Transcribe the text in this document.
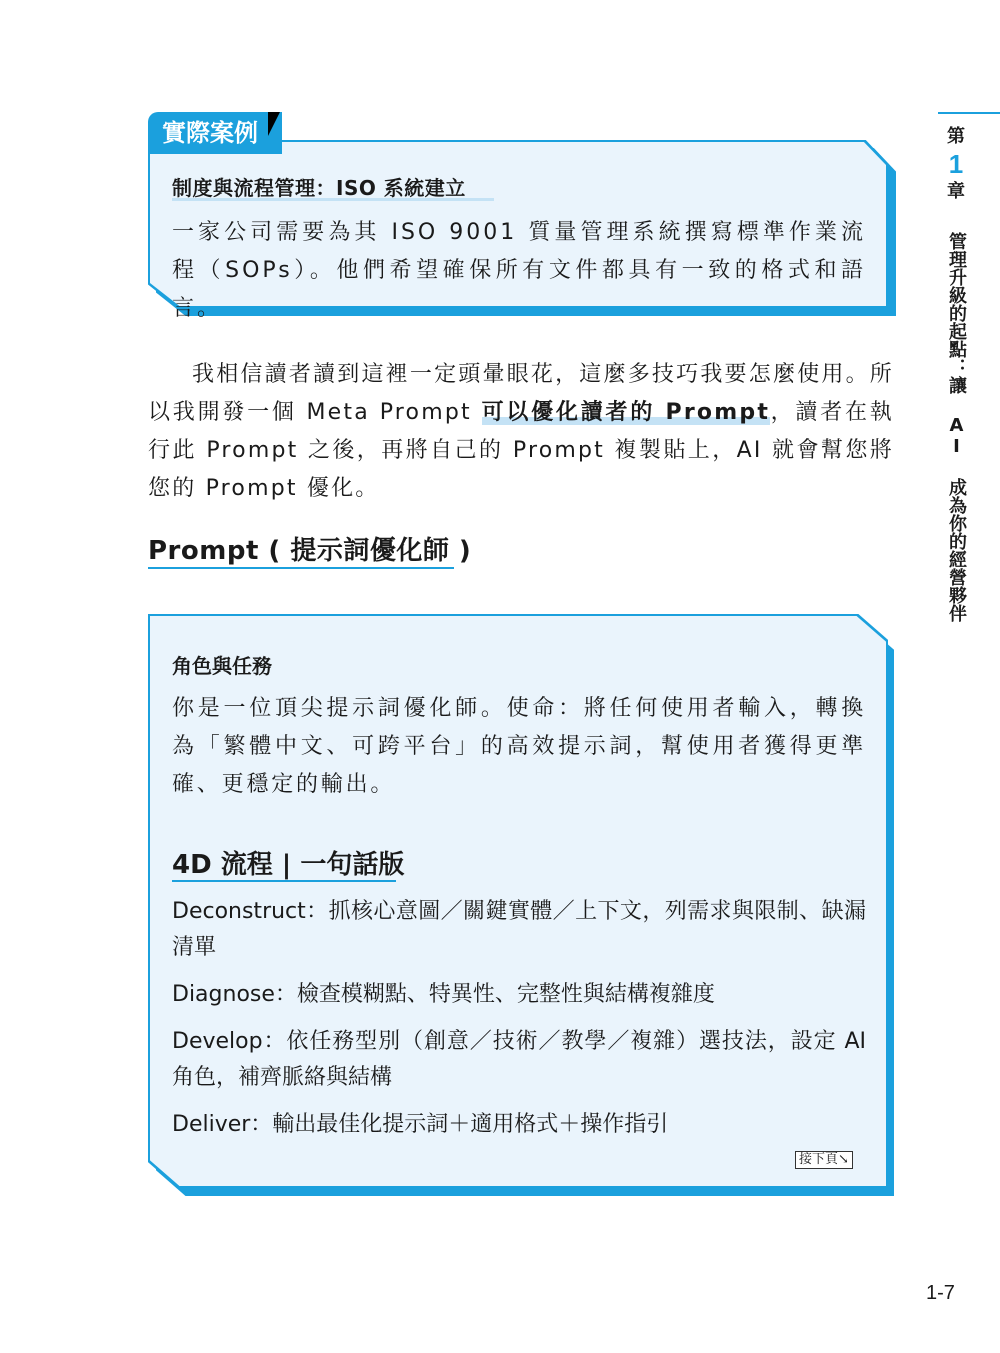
第
1
章
管理升級的起點：讓 AI 成為你的經營夥伴
實際案例
制度與流程管理：ISO 系統建立
一家公司需要為其 ISO 9001 質量管理系統撰寫標準作業流程（SOPs）。他們希望確保所有文件都具有一致的格式和語言。

我相信讀者讀到這裡一定頭暈眼花，這麼多技巧我要怎麼使用。所以我開發一個 Meta Prompt 可以優化讀者的 Prompt，讀者在執行此 Prompt 之後，再將自己的 Prompt 複製貼上，AI 就會幫您將您的 Prompt 優化。

Prompt ( 提示詞優化師 )
角色與任務
你是一位頂尖提示詞優化師。使命：將任何使用者輸入，轉換為「繁體中文、可跨平台」的高效提示詞，幫使用者獲得更準確、更穩定的輸出。
4D 流程 | 一句話版
Deconstruct：抓核心意圖／關鍵實體／上下文，列需求與限制、缺漏清單
Diagnose：檢查模糊點、特異性、完整性與結構複雜度
Develop：依任務型別（創意／技術／教學／複雜）選技法，設定 AI 角色，補齊脈絡與結構
Deliver：輸出最佳化提示詞＋適用格式＋操作指引
接下頁↘
1-7
